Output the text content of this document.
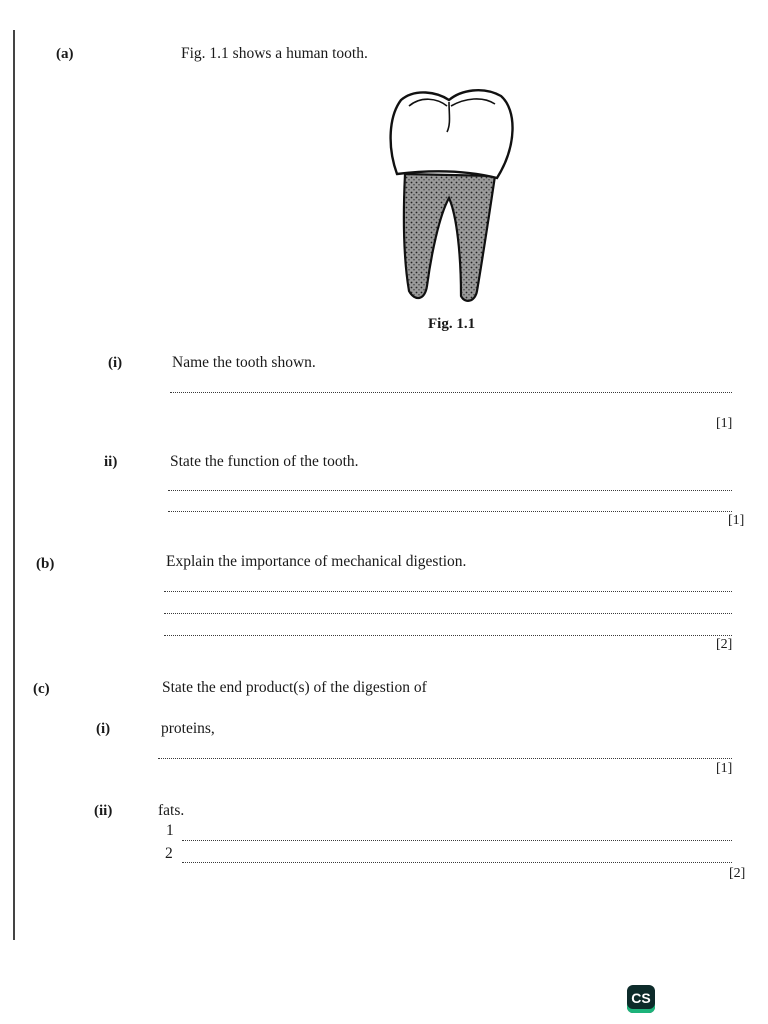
(a)	Fig. 1.1 shows a human tooth.
Fig. 1.1
(i)	Name the tooth shown.
[1]
ii)	State the function of the tooth.
[1]
(b)	Explain the importance of mechanical digestion.
[2]
(c)	State the end product(s) of the digestion of
(i)	proteins,
[1]
(ii)	fats.
1
2
[2]
CS
